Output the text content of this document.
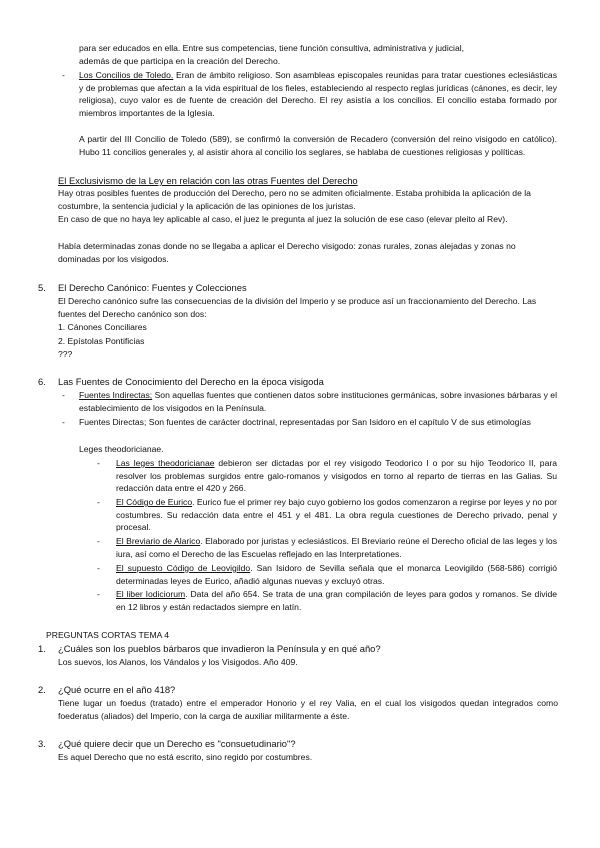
para ser educados en ella. Entre sus competencias, tiene función consultiva, administrativa y judicial,

además de que participa en la creación del Derecho.

- Los Concilios de Toledo. Eran de ámbito religioso. Son asambleas episcopales reunidas para tratar cuestiones eclesiásticas y de problemas que afectan a la vida espiritual de los fieles, estableciendo al respecto reglas jurídicas (cánones, es decir, ley religiosa), cuyo valor es de fuente de creación del Derecho. El rey asistía a los concilios. El concilio estaba formado por miembros importantes de la Iglesia.

A partir del III Concilio de Toledo (589), se confirmó la conversión de Recadero (conversión del reino visigodo en católico). Hubo 11 concilios generales y, al asistir ahora al concilio los seglares, se hablaba de cuestiones religiosas y políticas.

El Exclusivismo de la Ley en relación con las otras Fuentes del Derecho

Hay otras posibles fuentes de producción del Derecho, pero no se admiten oficialmente. Estaba prohibida la aplicación de la costumbre, la sentencia judicial y la aplicación de las opiniones de los juristas.

En caso de que no haya ley aplicable al caso, el juez le pregunta al juez la solución de ese caso (elevar pleito al Rev).

Había determinadas zonas donde no se llegaba a aplicar el Derecho visigodo: zonas rurales, zonas alejadas y zonas no dominadas por los visigodos.

5. El Derecho Canónico: Fuentes y Colecciones

El Derecho canónico sufre las consecuencias de la división del Imperio y se produce así un fraccionamiento del Derecho. Las fuentes del Derecho canónico son dos:

1. Cánones Conciliares

2. Epístolas Pontificias

???

6. Las Fuentes de Conocimiento del Derecho en la época visigoda

- Fuentes Indirectas; Son aquellas fuentes que contienen datos sobre instituciones germánicas, sobre invasiones bárbaras y el establecimiento de los visigodos en la Península.

- Fuentes Directas; Son fuentes de carácter doctrinal, representadas por San Isidoro en el capítulo V de sus etimologías

Leges theodoricianae.

- Las leges theodoricianae debieron ser dictadas por el rey visigodo Teodorico I o por su hijo Teodorico II, para resolver los problemas surgidos entre galo-romanos y visigodos en torno al reparto de tierras en las Galias. Su redacción data entre el 420 y 266.

- El Código de Eurico. Eurico fue el primer rey bajo cuyo gobierno los godos comenzaron a regirse por leyes y no por costumbres. Su redacción data entre el 451 y el 481. La obra regula cuestiones de Derecho privado, penal y procesal.

- El Breviario de Alarico. Elaborado por juristas y eclesiásticos. El Breviario reúne el Derecho oficial de las leges y los iura, así como el Derecho de las Escuelas reflejado en las Interpretationes.

- El supuesto Código de Leovigildo. San Isidoro de Sevilla señala que el monarca Leovigildo (568-586) corrigió determinadas leyes de Eurico, añadió algunas nuevas y excluyó otras.

- El liber Iodiciorum. Data del año 654. Se trata de una gran compilación de leyes para godos y romanos. Se divide en 12 libros y están redactados siempre en latín.

PREGUNTAS CORTAS TEMA 4

1. ¿Cuáles son los pueblos bárbaros que invadieron la Península y en qué año?

Los suevos, los Alanos, los Vándalos y los Visigodos. Año 409.

2. ¿Qué ocurre en el año 418?

Tiene lugar un foedus (tratado) entre el emperador Honorio y el rey Valia, en el cual los visigodos quedan integrados como foederatus (aliados) del Imperio, con la carga de auxiliar militarmente a éste.

3. ¿Qué quiere decir que un Derecho es "consuetudinario"?

Es aquel Derecho que no está escrito, sino regido por costumbres.
